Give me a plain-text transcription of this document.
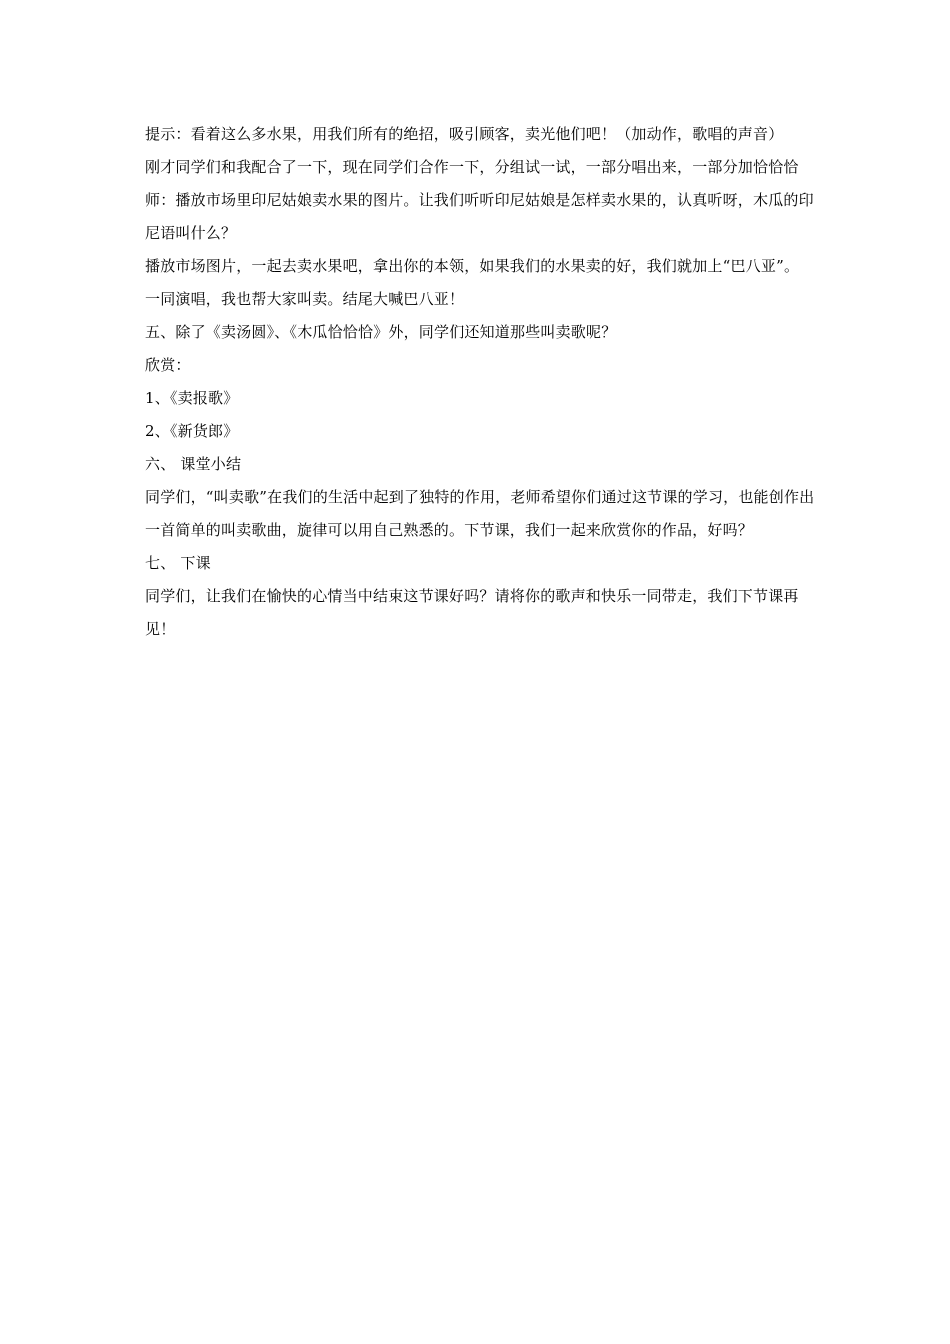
提示：看着这么多水果，用我们所有的绝招，吸引顾客，卖光他们吧！（加动作，歌唱的声音）

刚才同学们和我配合了一下，现在同学们合作一下，分组试一试，一部分唱出来，一部分加恰恰恰

师：播放市场里印尼姑娘卖水果的图片。让我们听听印尼姑娘是怎样卖水果的，认真听呀，木瓜的印尼语叫什么？

播放市场图片，一起去卖水果吧，拿出你的本领，如果我们的水果卖的好，我们就加上“巴八亚”。

一同演唱，我也帮大家叫卖。结尾大喊巴八亚！

五、除了《卖汤圆》、《木瓜恰恰恰》外，同学们还知道那些叫卖歌呢？

欣赏：

1、《卖报歌》

2、《新货郎》

六、 课堂小结

同学们，“叫卖歌”在我们的生活中起到了独特的作用，老师希望你们通过这节课的学习，也能创作出一首简单的叫卖歌曲，旋律可以用自己熟悉的。下节课，我们一起来欣赏你的作品，好吗？

七、 下课

同学们，让我们在愉快的心情当中结束这节课好吗？请将你的歌声和快乐一同带走，我们下节课再见！
